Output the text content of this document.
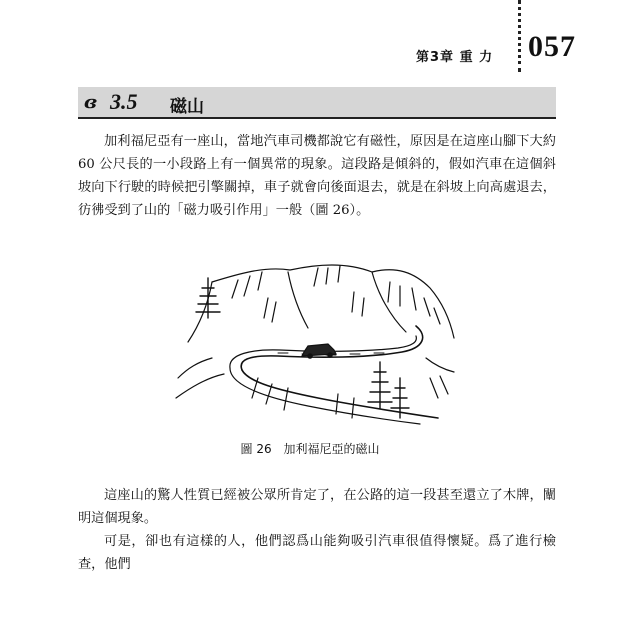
第3章 重 力 057
ɞ 3.5 磁山

加利福尼亞有一座山，當地汽車司機都說它有磁性，原因是在這座山腳下大約 60 公尺長的一小段路上有一個異常的現象。這段路是傾斜的，假如汽車在這個斜坡向下行駛的時候把引擎關掉，車子就會向後面退去，就是在斜坡上向高處退去，彷彿受到了山的「磁力吸引作用」一般（圖 26）。

圖 26 加利福尼亞的磁山

這座山的驚人性質已經被公眾所肯定了，在公路的這一段甚至還立了木牌，闡明這個現象。

可是，卻也有這樣的人，他們認爲山能夠吸引汽車很值得懷疑。爲了進行檢查，他們
